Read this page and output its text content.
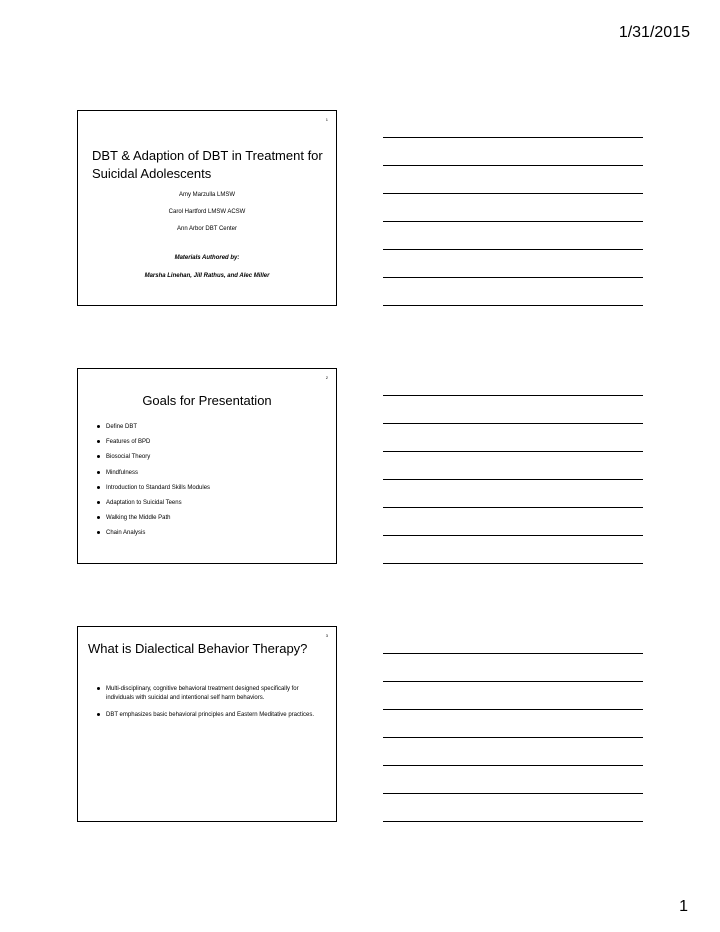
1/31/2015
1
DBT & Adaption of DBT in Treatment for Suicidal Adolescents
Amy Marzulla LMSW
Carol Hartford LMSW ACSW
Ann Arbor DBT Center
Materials Authored by:
Marsha Linehan, Jill Rathus, and Alec Miller
2
Goals for Presentation
Define DBT
Features of BPD
Biosocial Theory
Mindfulness
Introduction to Standard Skills Modules
Adaptation to Suicidal Teens
Walking the Middle Path
Chain Analysis
3
What is Dialectical Behavior Therapy?
Multi-disciplinary, cognitive behavioral treatment designed specifically for individuals with suicidal and intentional self harm behaviors.
DBT emphasizes basic behavioral principles and Eastern Meditative practices.
1
